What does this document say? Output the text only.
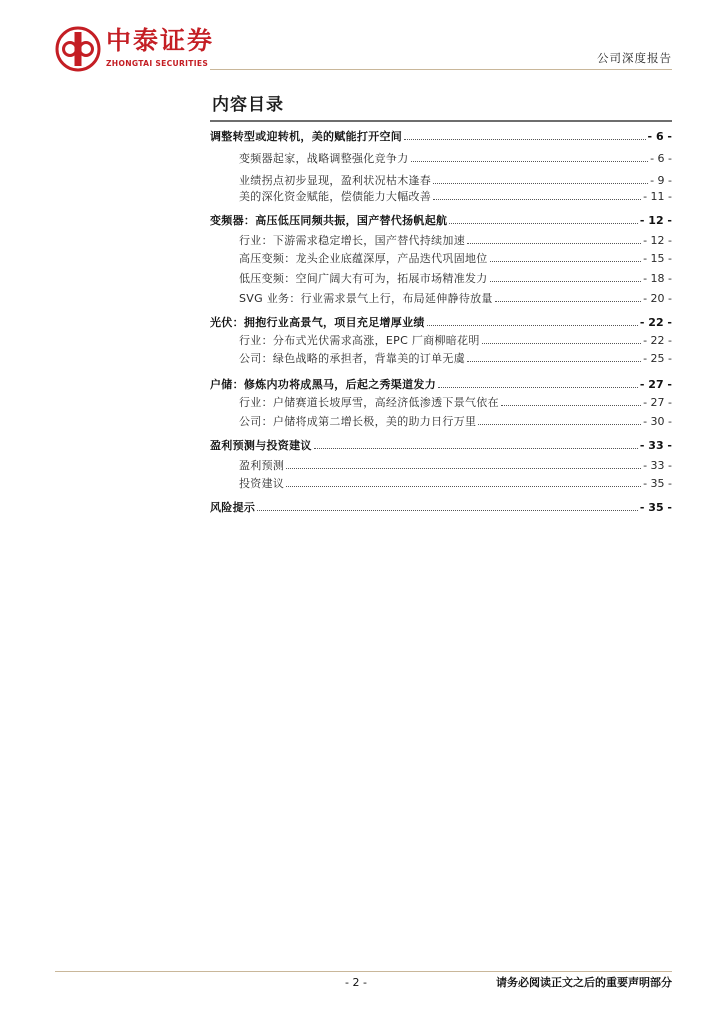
中泰证券
ZHONGTAI SECURITIES	公司深度报告
内容目录
调整转型或迎转机，美的赋能打开空间	- 6 -
变频器起家，战略调整强化竞争力	- 6 -
业绩拐点初步显现，盈利状况枯木逢春	- 9 -
美的深化资金赋能，偿债能力大幅改善	- 11 -
变频器：高压低压同频共振，国产替代扬帆起航	- 12 -
行业：下游需求稳定增长，国产替代持续加速	- 12 -
高压变频：龙头企业底蕴深厚，产品迭代巩固地位	- 15 -
低压变频：空间广阔大有可为，拓展市场精准发力	- 18 -
SVG 业务：行业需求景气上行，布局延伸静待放量	- 20 -
光伏：拥抱行业高景气，项目充足增厚业绩	- 22 -
行业：分布式光伏需求高涨，EPC 厂商柳暗花明	- 22 -
公司：绿色战略的承担者，背靠美的订单无虞	- 25 -
户储：修炼内功将成黑马，后起之秀渠道发力	- 27 -
行业：户储赛道长坡厚雪，高经济低渗透下景气依在	- 27 -
公司：户储将成第二增长极，美的助力日行万里	- 30 -
盈利预测与投资建议	- 33 -
盈利预测	- 33 -
投资建议	- 35 -
风险提示	- 35 -
- 2 -	请务必阅读正文之后的重要声明部分
